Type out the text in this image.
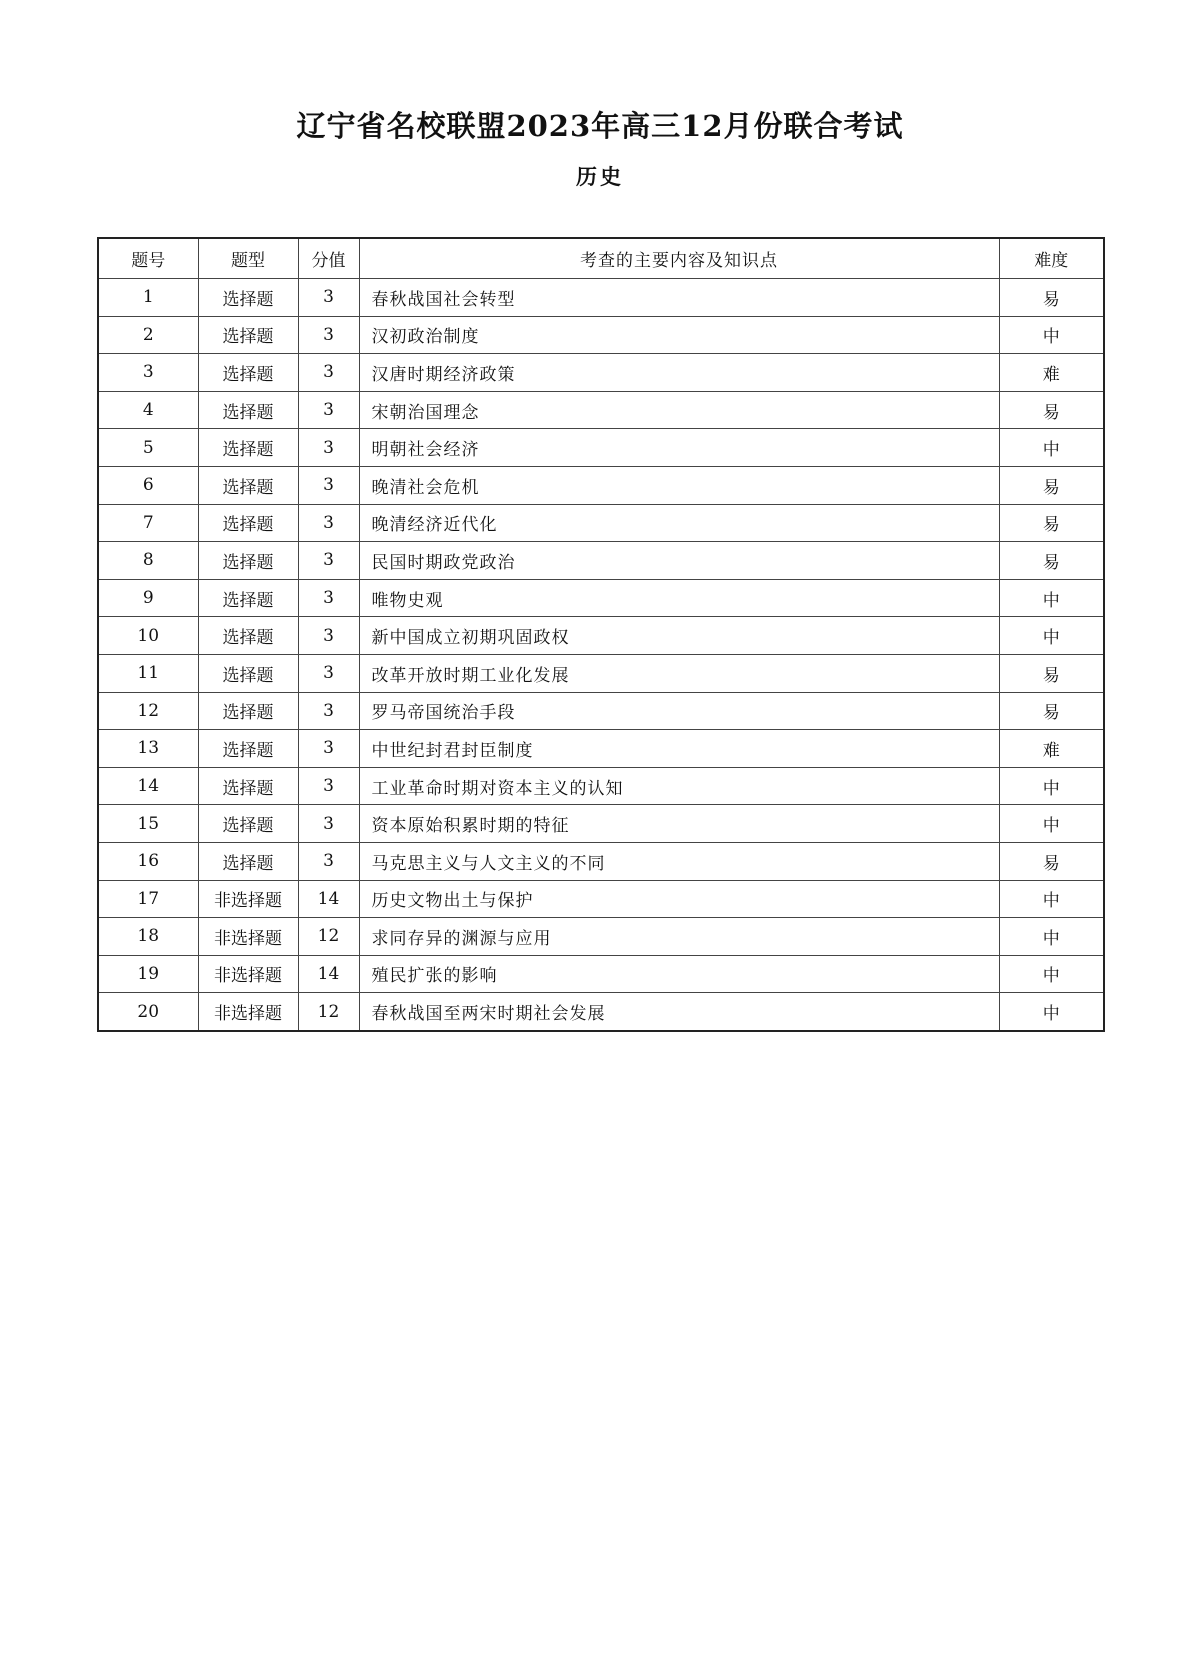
辽宁省名校联盟2023年高三12月份联合考试
历史
题号	题型	分值	考查的主要内容及知识点	难度
1	选择题	3	春秋战国社会转型	易
2	选择题	3	汉初政治制度	中
3	选择题	3	汉唐时期经济政策	难
4	选择题	3	宋朝治国理念	易
5	选择题	3	明朝社会经济	中
6	选择题	3	晚清社会危机	易
7	选择题	3	晚清经济近代化	易
8	选择题	3	民国时期政党政治	易
9	选择题	3	唯物史观	中
10	选择题	3	新中国成立初期巩固政权	中
11	选择题	3	改革开放时期工业化发展	易
12	选择题	3	罗马帝国统治手段	易
13	选择题	3	中世纪封君封臣制度	难
14	选择题	3	工业革命时期对资本主义的认知	中
15	选择题	3	资本原始积累时期的特征	中
16	选择题	3	马克思主义与人文主义的不同	易
17	非选择题	14	历史文物出土与保护	中
18	非选择题	12	求同存异的渊源与应用	中
19	非选择题	14	殖民扩张的影响	中
20	非选择题	12	春秋战国至两宋时期社会发展	中
